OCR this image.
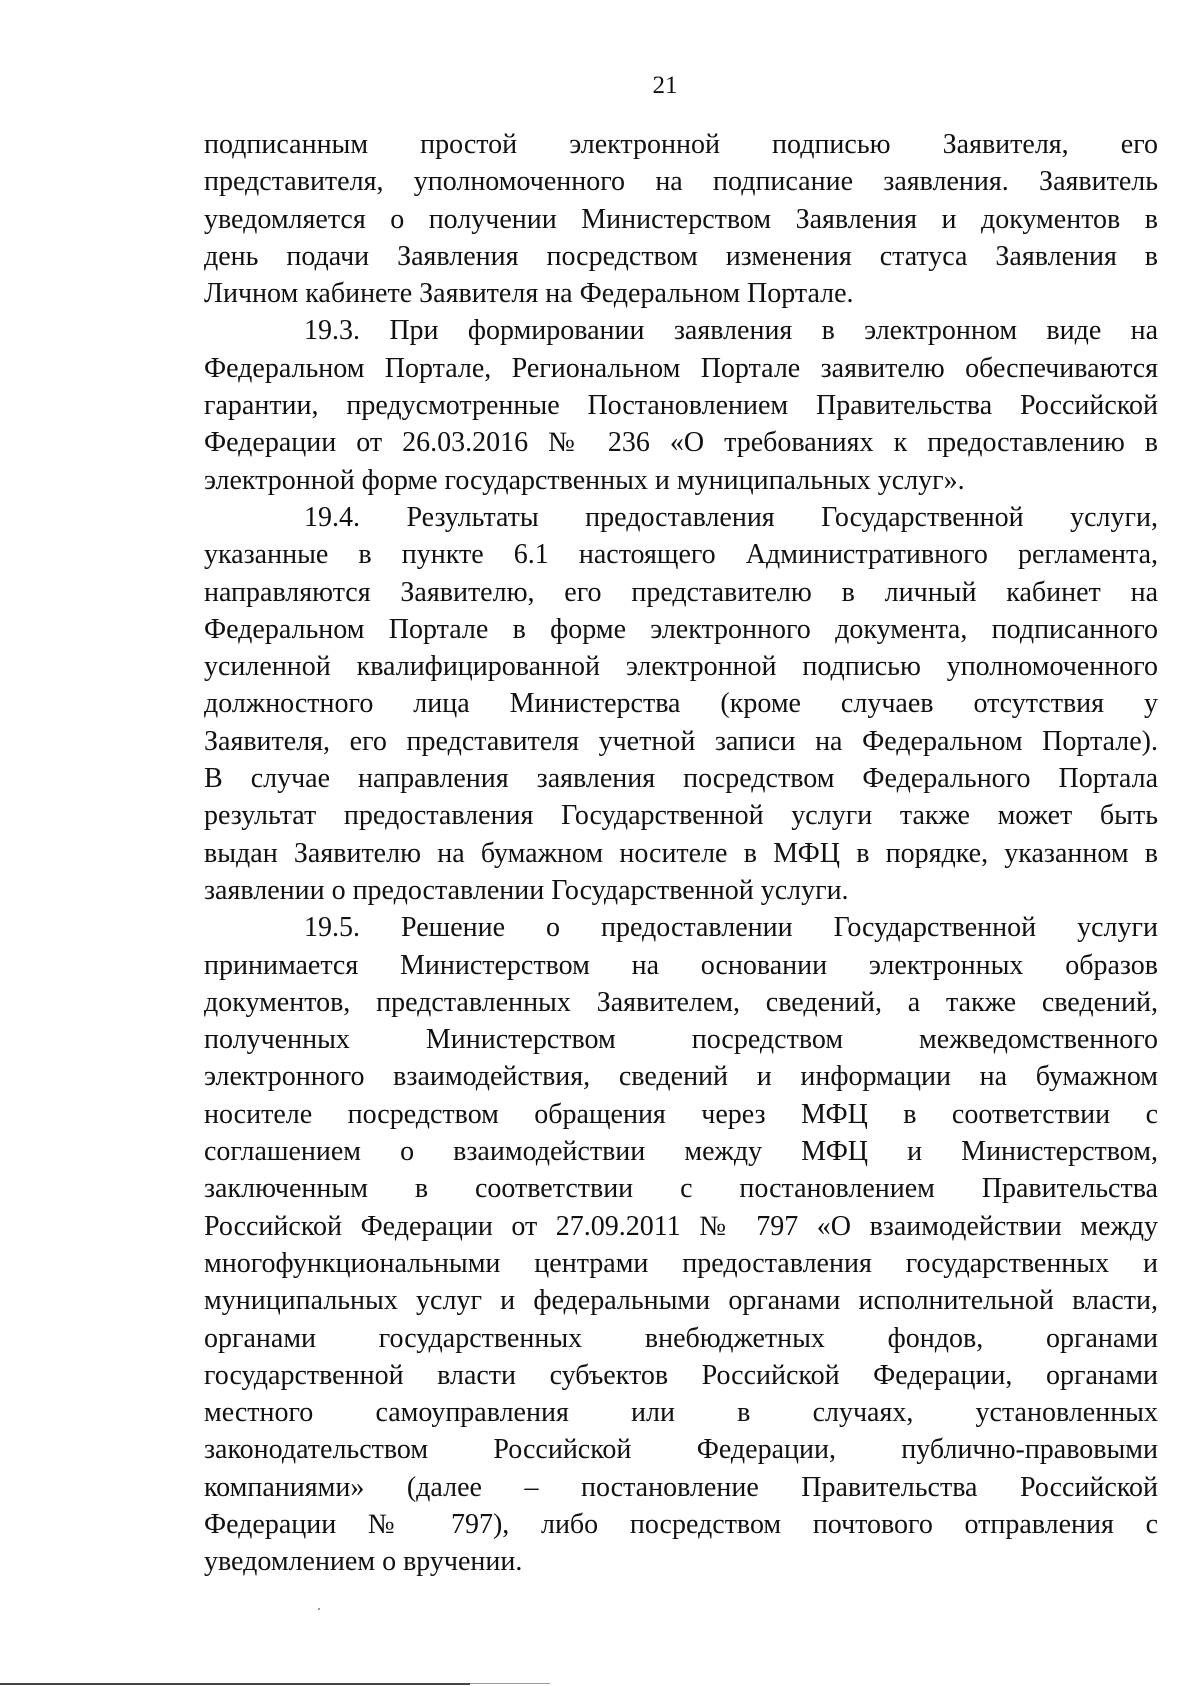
21
подписанным простой электронной подписью Заявителя, его
представителя, уполномоченного на подписание заявления. Заявитель
уведомляется о получении Министерством Заявления и документов в
день подачи Заявления посредством изменения статуса Заявления в
Личном кабинете Заявителя на Федеральном Портале.
19.3. При формировании заявления в электронном виде на
Федеральном Портале, Региональном Портале заявителю обеспечиваются
гарантии, предусмотренные Постановлением Правительства Российской
Федерации от 26.03.2016 № 236 «О требованиях к предоставлению в
электронной форме государственных и муниципальных услуг».
19.4. Результаты предоставления Государственной услуги,
указанные в пункте 6.1 настоящего Административного регламента,
направляются Заявителю, его представителю в личный кабинет на
Федеральном Портале в форме электронного документа, подписанного
усиленной квалифицированной электронной подписью уполномоченного
должностного лица Министерства (кроме случаев отсутствия у
Заявителя, его представителя учетной записи на Федеральном Портале).
В случае направления заявления посредством Федерального Портала
результат предоставления Государственной услуги также может быть
выдан Заявителю на бумажном носителе в МФЦ в порядке, указанном в
заявлении о предоставлении Государственной услуги.
19.5. Решение о предоставлении Государственной услуги
принимается Министерством на основании электронных образов
документов, представленных Заявителем, сведений, а также сведений,
полученных Министерством посредством межведомственного
электронного взаимодействия, сведений и информации на бумажном
носителе посредством обращения через МФЦ в соответствии с
соглашением о взаимодействии между МФЦ и Министерством,
заключенным в соответствии с постановлением Правительства
Российской Федерации от 27.09.2011 № 797 «О взаимодействии между
многофункциональными центрами предоставления государственных и
муниципальных услуг и федеральными органами исполнительной власти,
органами государственных внебюджетных фондов, органами
государственной власти субъектов Российской Федерации, органами
местного самоуправления или в случаях, установленных
законодательством Российской Федерации, публично-правовыми
компаниями» (далее – постановление Правительства Российской
Федерации № 797), либо посредством почтового отправления с
уведомлением о вручении.
